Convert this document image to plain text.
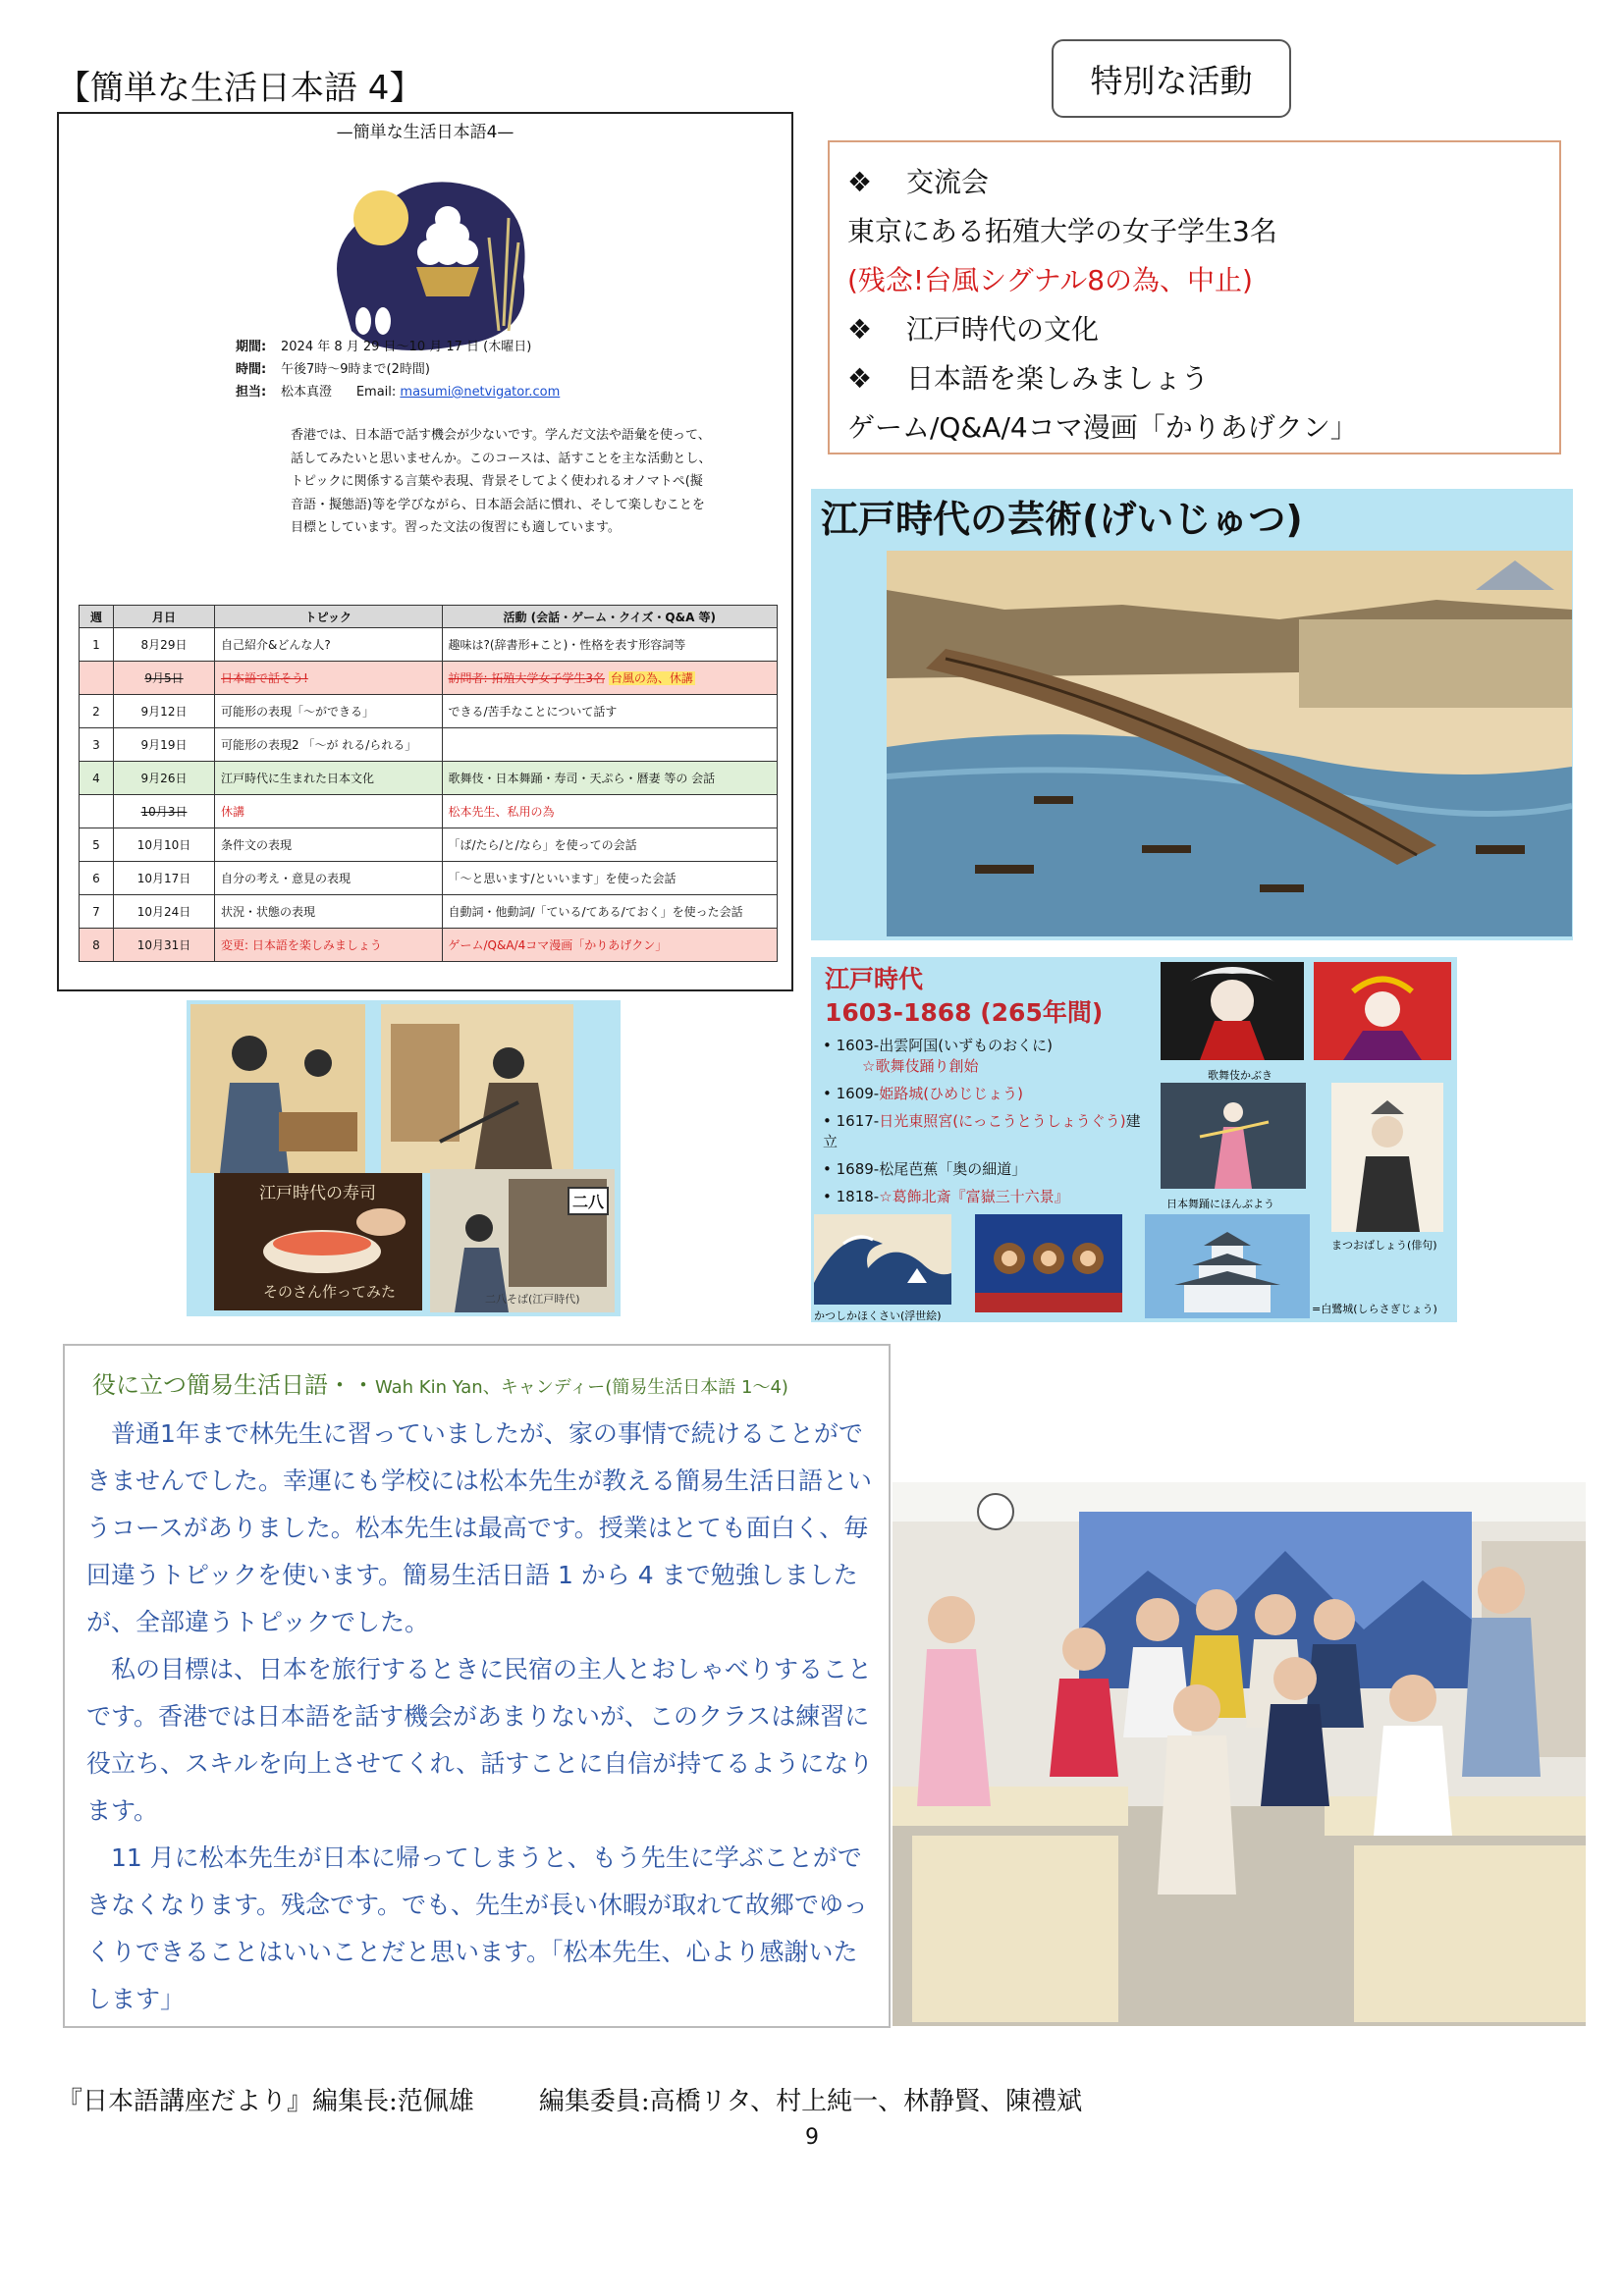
【簡単な生活日本語 4】	特別な活動
—簡単な生活日本語4—
期間: 2024 年 8 月 29 日〜10 月 17 日 (木曜日)
時間: 午後7時〜9時まで(2時間)
担当: 松本真澄 Email: masumi@netvigator.com
香港では、日本語で話す機会が少ないです。学んだ文法や語彙を使って、話してみたいと思いませんか。このコースは、話すことを主な活動とし、トピックに関係する言葉や表現、背景そしてよく使われるオノマトペ(擬音語・擬態語)等を学びながら、日本語会話に慣れ、そして楽しむことを目標としています。習った文法の復習にも適しています。
週	月日	トピック	活動 (会話・ゲーム・クイズ・Q&A 等)
1	8月29日	自己紹介&どんな人?	趣味は?(辞書形+こと)・性格を表す形容詞等
	9月5日	日本語で話そう!	訪問者: 拓殖大学女子学生3名 台風の為、休講
2	9月12日	可能形の表現「〜ができる」	できる/苦手なことについて話す
3	9月19日	可能形の表現2 「〜が れる/られる」	
4	9月26日	江戸時代に生まれた日本文化	歌舞伎・日本舞踊・寿司・天ぷら・暦妻 等の 会話
	10月3日	休講	松本先生、私用の為
5	10月10日	条件文の表現	「ば/たら/と/なら」を使っての会話
6	10月17日	自分の考え・意見の表現	「〜と思います/といいます」を使った会話
7	10月24日	状況・状態の表現	自動詞・他動詞/「ている/てある/ておく」を使った会話
8	10月31日	変更: 日本語を楽しみましょう	ゲーム/Q&A/4コマ漫画「かりあげクン」
❖ 交流会
東京にある拓殖大学の女子学生3名
(残念!台風シグナル8の為、中止)
❖ 江戸時代の文化
❖ 日本語を楽しみましょう
ゲーム/Q&A/4コマ漫画「かりあげクン」
江戸時代の芸術(げいじゅつ)
江戸時代
1603-1868 (265年間)
• 1603-出雲阿国(いずものおくに)
☆歌舞伎踊り創始
• 1609-姫路城(ひめじじょう)
• 1617-日光東照宮(にっこうとうしょうぐう)建立
• 1689-松尾芭蕉「奥の細道」
• 1818-☆葛飾北斎『富嶽三十六景』
歌舞伎かぶき
日本舞踊にほんぶよう
まつおばしょう(俳句)
かつしかほくさい(浮世絵)
=白鷺城(しらさぎじょう)
江戸時代の寿司
そのさん作ってみた
二八
二八そば(江戸時代)
役に立つ簡易生活日語・・Wah Kin Yan、キャンディー(簡易生活日本語 1〜4)

普通1年まで林先生に習っていましたが、家の事情で続けることができませんでした。幸運にも学校には松本先生が教える簡易生活日語というコースがありました。松本先生は最高です。授業はとても面白く、毎回違うトピックを使います。簡易生活日語 1 から 4 まで勉強しましたが、全部違うトピックでした。

私の目標は、日本を旅行するときに民宿の主人とおしゃべりすることです。香港では日本語を話す機会があまりないが、このクラスは練習に役立ち、スキルを向上させてくれ、話すことに自信が持てるようになります。

11 月に松本先生が日本に帰ってしまうと、もう先生に学ぶことができなくなります。残念です。でも、先生が長い休暇が取れて故郷でゆっくりできることはいいことだと思います。「松本先生、心より感謝いたします」

『日本語講座だより』編集長:范佩雄	編集委員:高橋リタ、村上純一、林静賢、陳禮斌
9
